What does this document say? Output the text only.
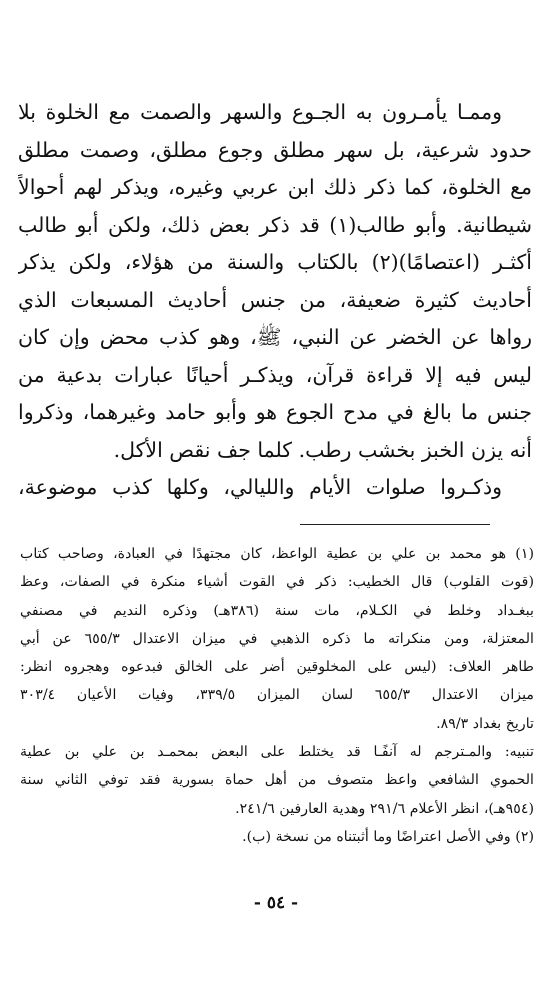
وممـا يأمـرون به الجـوع والسهر والصمت مع الخلوة بلا
حدود شرعية، بل سهر مطلق وجوع مطلق، وصمت مطلق
مع الخلوة، كما ذكر ذلك ابن عربي وغيره، ويذكر لهم أحوالاً
شيطانية. وأبو طالب(١) قد ذكر بعض ذلك، ولكن أبو طالب
أكثـر (اعتصامًا)(٢) بالكتاب والسنة من هؤلاء، ولكن يذكر
أحاديث كثيرة ضعيفة، من جنس أحاديث المسبعات الذي
رواها عن الخضر عن النبي، ﷺ، وهو كذب محض وإن كان
ليس فيه إلا قراءة قرآن، ويذكـر أحيانًا عبارات بدعية من
جنس ما بالغ في مدح الجوع هو وأبو حامد وغيرهما، وذكروا
أنه يزن الخبز بخشب رطب. كلما جف نقص الأكل.
وذكـروا صلوات الأيام والليالي، وكلها كذب موضوعة،
(١) هو محمد بن علي بن عطية الواعظ، كان مجتهدًا في العبادة، وصاحب كتاب
(قوت القلوب) قال الخطيب: ذكر في القوت أشياء منكرة في الصفات، وعظ
ببغـداد وخلط في الكـلام، مات سنة (٣٨٦هـ) وذكره النديم في مصنفي
المعتزلة، ومن منكراته ما ذكره الذهبي في ميزان الاعتدال ٦٥٥/٣ عن أبي
طاهر العلاف: (ليس على المخلوقين أضر على الخالق فبدعوه وهجروه انظر:
ميزان الاعتدال ٦٥٥/٣ لسان الميزان ٣٣٩/٥، وفيات الأعيان ٣٠٣/٤
تاريخ بغداد ٨٩/٣.
تنبيه: والمـترجم له آنفًـا قد يختلط على البعض بمحمـد بن علي بن عطية
الحموي الشافعي واعظ متصوف من أهل حماة بسورية فقد توفي الثاني سنة
(٩٥٤هـ)، انظر الأعلام ٢٩١/٦ وهدية العارفين ٢٤١/٦.
(٢) وفي الأصل اعتراضًا وما أثبتناه من نسخة (ب).
- ٥٤ -
